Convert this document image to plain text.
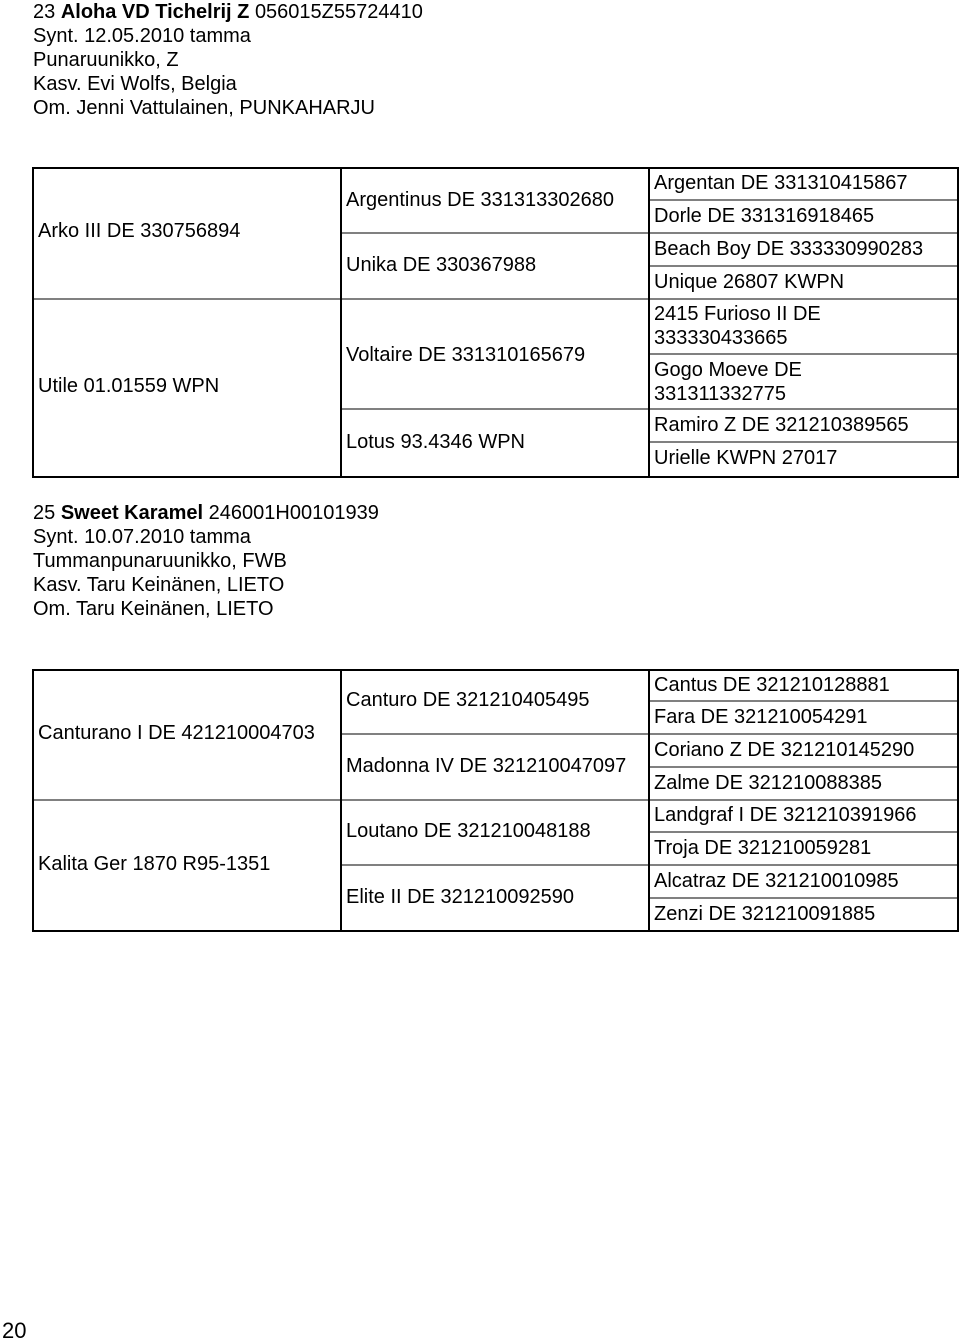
23 Aloha VD Tichelrij Z 056015Z55724410
Synt. 12.05.2010 tamma
Punaruunikko, Z
Kasv. Evi Wolfs, Belgia
Om. Jenni Vattulainen, PUNKAHARJU
Arko III DE 330756894
Utile 01.01559 WPN
Argentinus DE 331313302680
Unika DE 330367988
Voltaire DE 331310165679
Lotus 93.4346 WPN
Argentan DE 331310415867
Dorle DE 331316918465
Beach Boy DE 333330990283
Unique 26807 KWPN
2415 Furioso II DE 333330433665
Gogo Moeve DE 331311332775
Ramiro Z DE 321210389565
Urielle KWPN 27017
25 Sweet Karamel 246001H00101939
Synt. 10.07.2010 tamma
Tummanpunaruunikko, FWB
Kasv. Taru Keinänen, LIETO
Om. Taru Keinänen, LIETO
Canturano I DE 421210004703
Kalita Ger 1870 R95-1351
Canturo DE 321210405495
Madonna IV DE 321210047097
Loutano DE 321210048188
Elite II DE 321210092590
Cantus DE 321210128881
Fara DE 321210054291
Coriano Z DE 321210145290
Zalme DE 321210088385
Landgraf I DE 321210391966
Troja DE 321210059281
Alcatraz DE 321210010985
Zenzi DE 321210091885
20
